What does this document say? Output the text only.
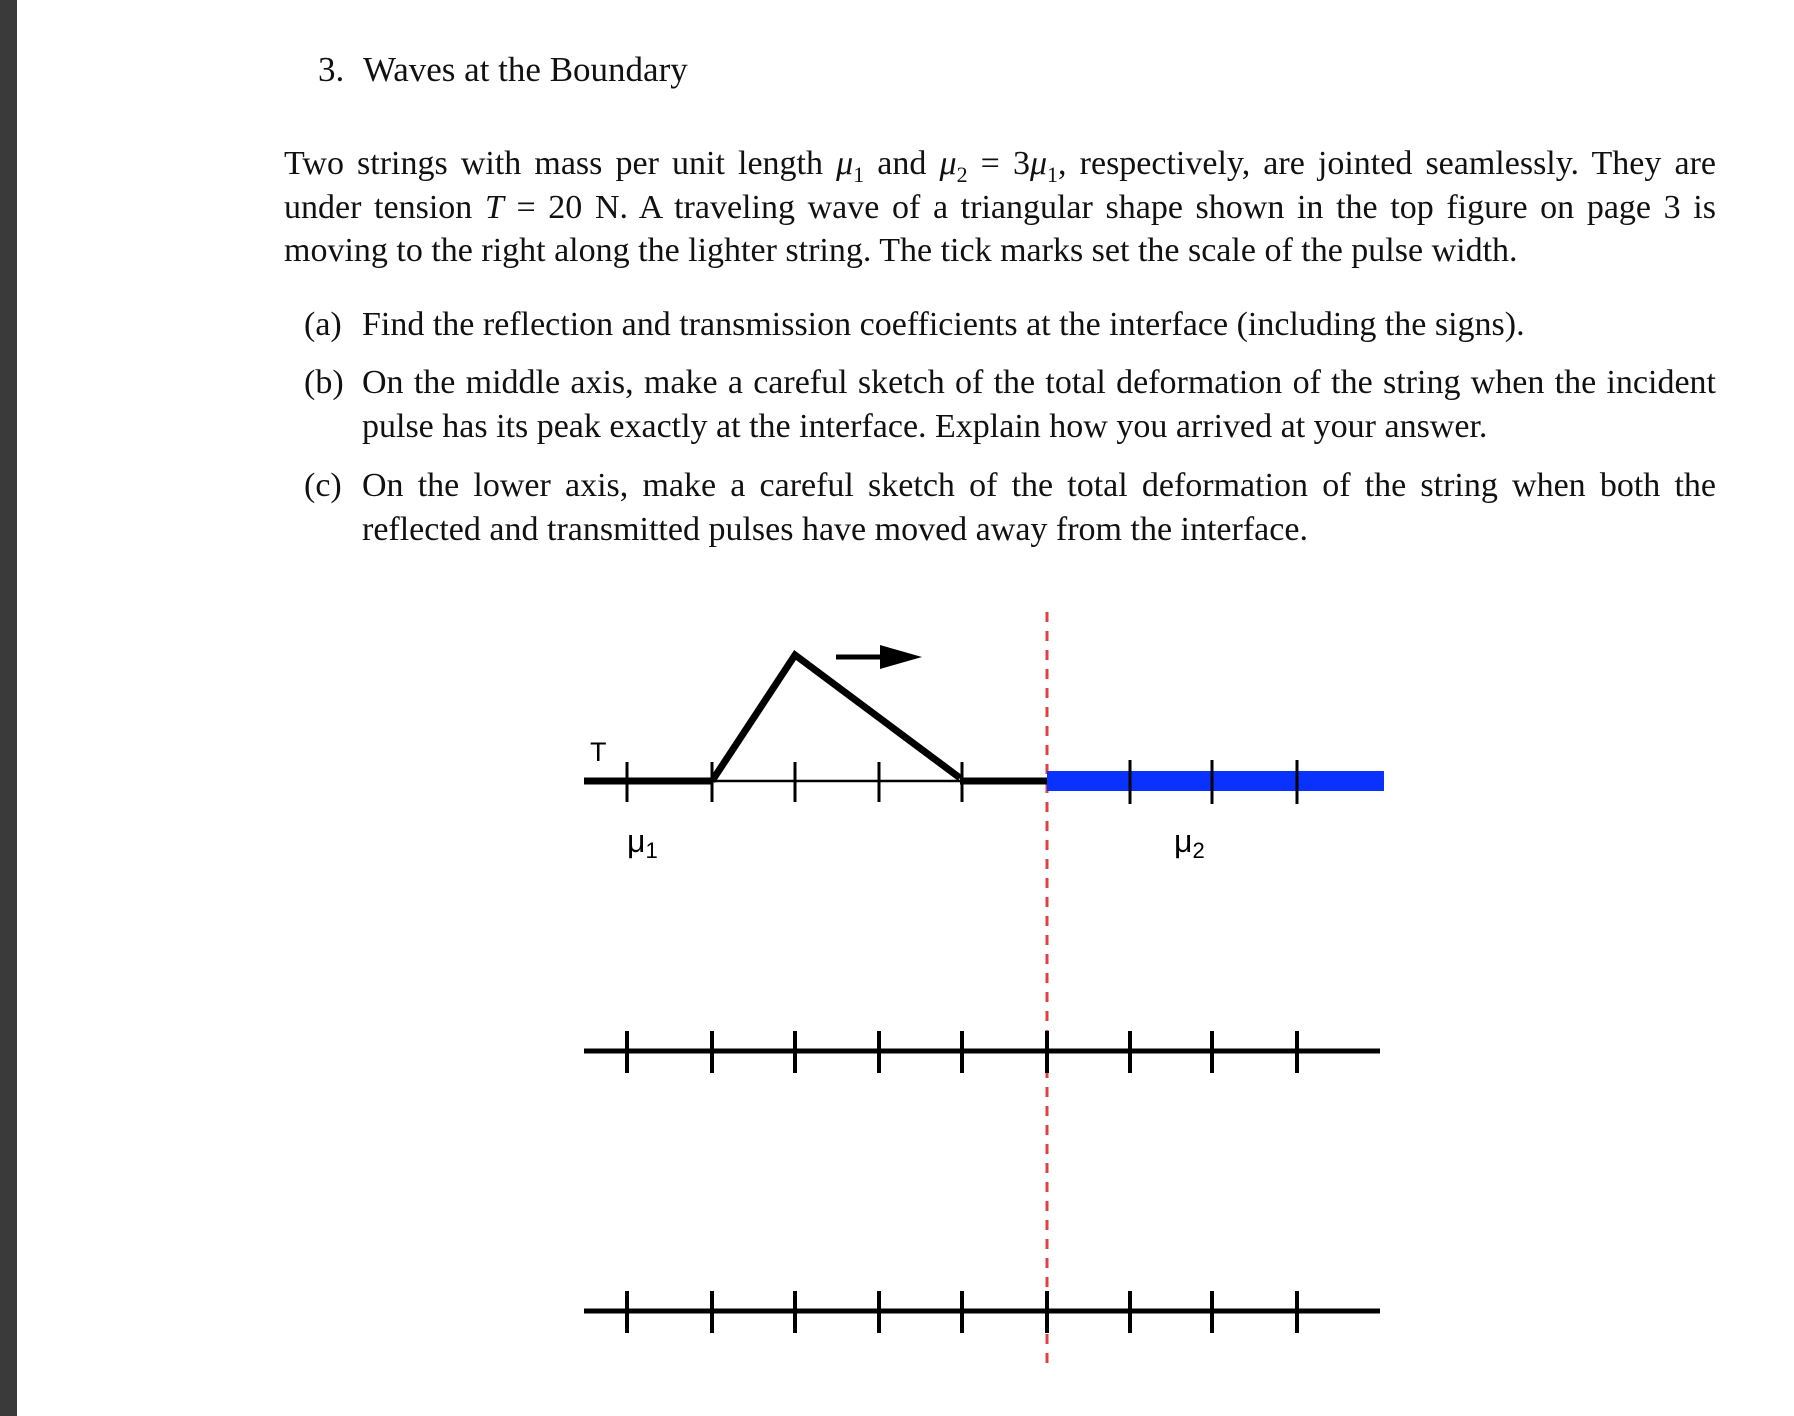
3. Waves at the Boundary
Two strings with mass per unit length $\mu_1$ and $\mu_2 = 3\mu_1$, respectively, are jointed seamlessly. They are under tension T = 20 N. A traveling wave of a triangular shape shown in the top figure on page 3 is moving to the right along the lighter string. The tick marks set the scale of the pulse width.
(a) Find the reflection and transmission coefficients at the interface (including the signs).
(b) On the middle axis, make a careful sketch of the total deformation of the string when the incident pulse has its peak exactly at the interface. Explain how you arrived at your answer.
(c) On the lower axis, make a careful sketch of the total deformation of the string when both the reflected and transmitted pulses have moved away from the interface.
T
μ1	μ2
